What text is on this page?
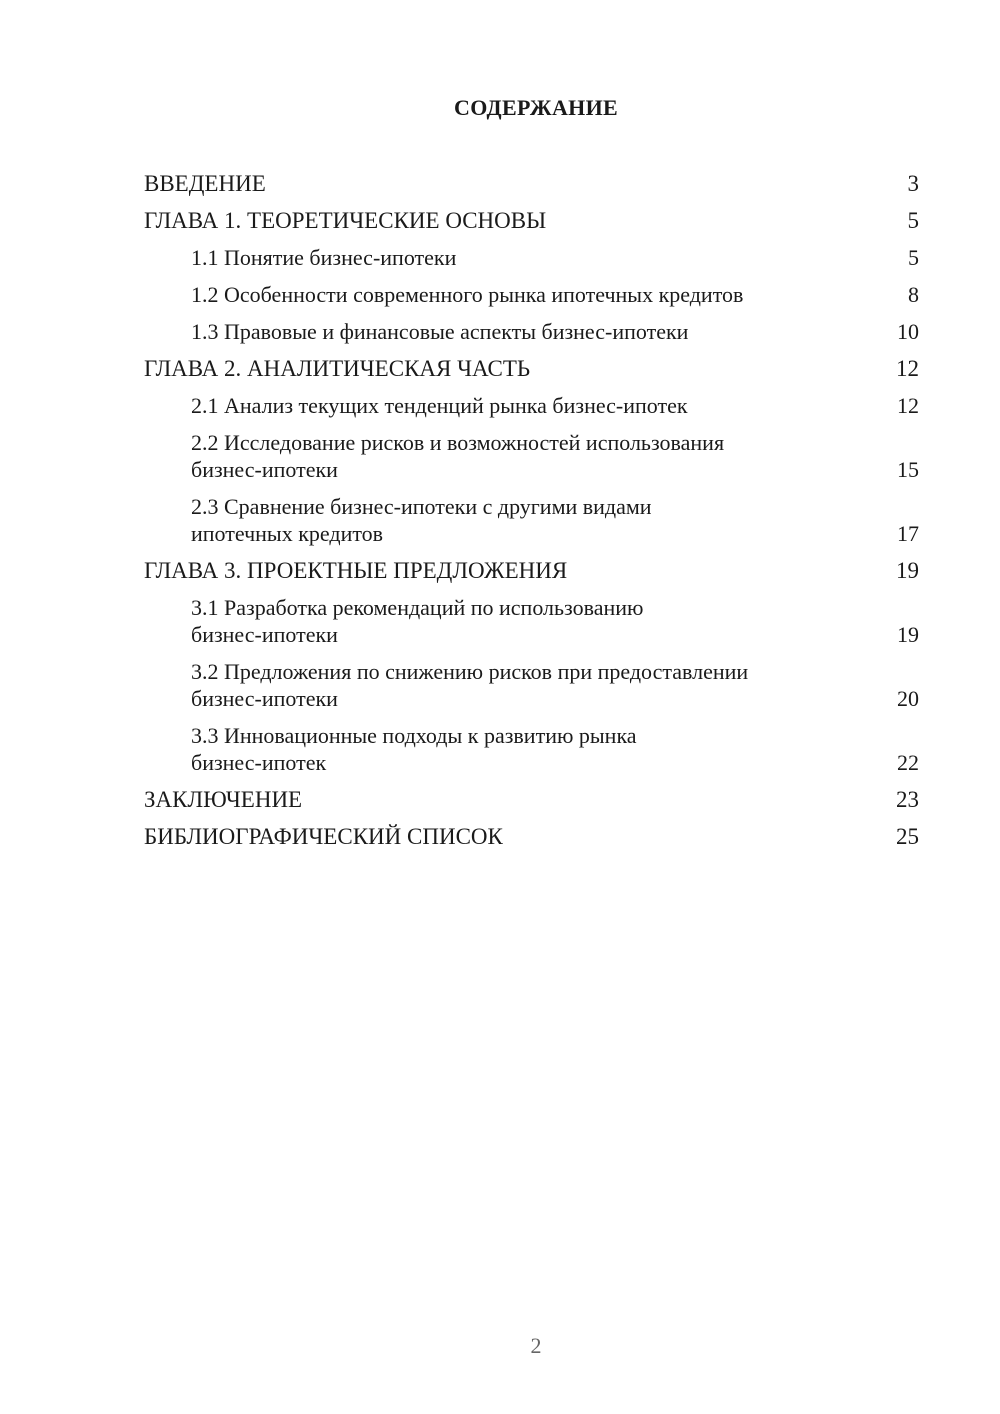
СОДЕРЖАНИЕ
ВВЕДЕНИЕ	3
ГЛАВА 1. ТЕОРЕТИЧЕСКИЕ ОСНОВЫ	5
1.1 Понятие бизнес-ипотеки	5
1.2 Особенности современного рынка ипотечных кредитов	8
1.3 Правовые и финансовые аспекты бизнес-ипотеки	10
ГЛАВА 2. АНАЛИТИЧЕСКАЯ ЧАСТЬ	12
2.1 Анализ текущих тенденций рынка бизнес-ипотек	12
2.2 Исследование рисков и возможностей использования
бизнес-ипотеки	15
2.3 Сравнение бизнес-ипотеки с другими видами
ипотечных кредитов	17
ГЛАВА 3. ПРОЕКТНЫЕ ПРЕДЛОЖЕНИЯ	19
3.1 Разработка рекомендаций по использованию
бизнес-ипотеки	19
3.2 Предложения по снижению рисков при предоставлении
бизнес-ипотеки	20
3.3 Инновационные подходы к развитию рынка
бизнес-ипотек	22
ЗАКЛЮЧЕНИЕ	23
БИБЛИОГРАФИЧЕСКИЙ СПИСОК	25
2
